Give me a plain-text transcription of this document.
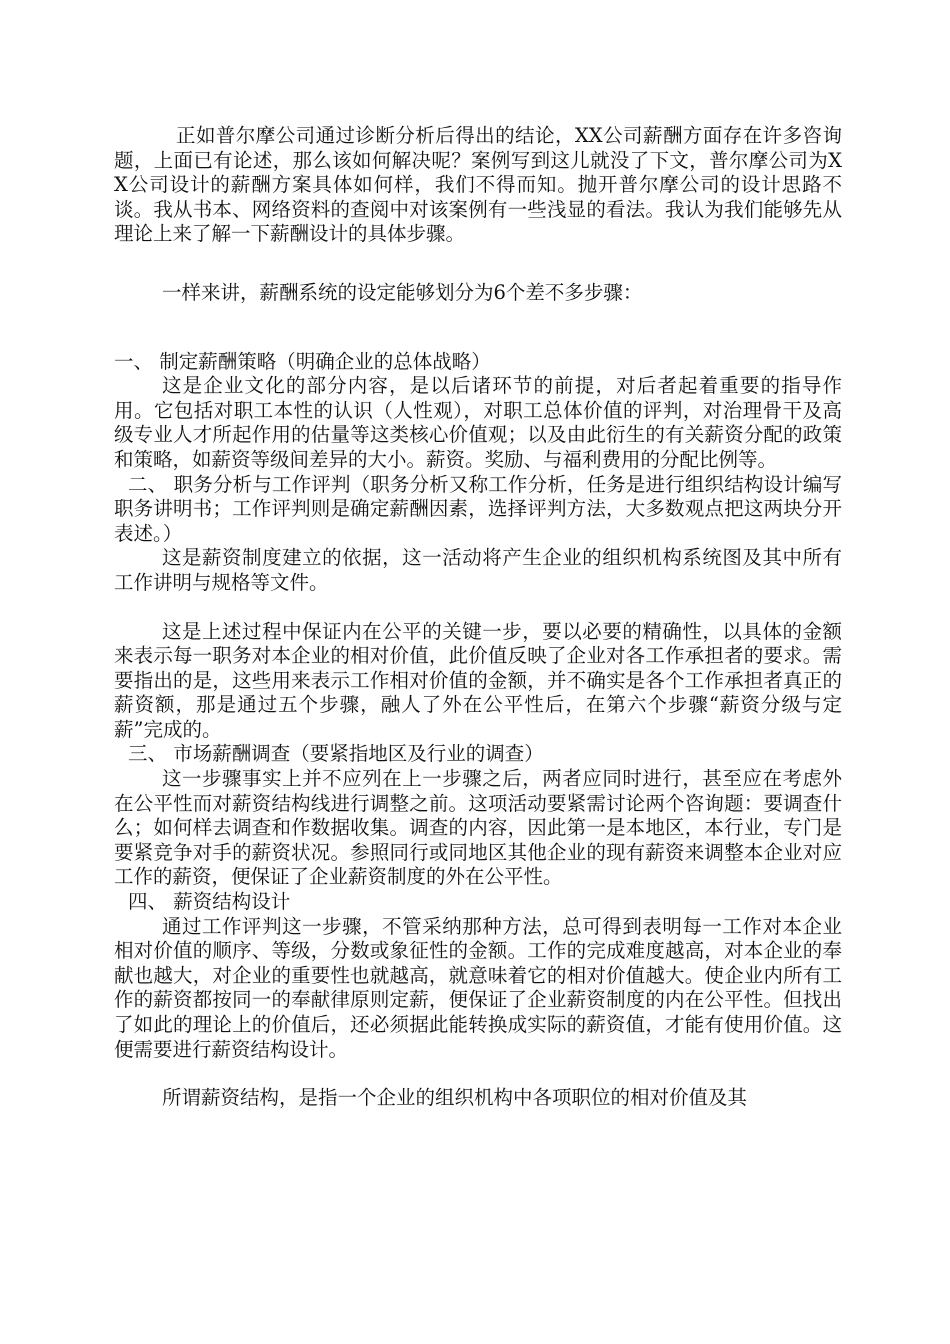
正如普尔摩公司通过诊断分析后得出的结论，XX公司薪酬方面存在许多咨询题，上面已有论述，那么该如何解决呢？案例写到这儿就没了下文，普尔摩公司为XX公司设计的薪酬方案具体如何样，我们不得而知。抛开普尔摩公司的设计思路不谈。我从书本、网络资料的查阅中对该案例有一些浅显的看法。我认为我们能够先从理论上来了解一下薪酬设计的具体步骤。

一样来讲，薪酬系统的设定能够划分为6个差不多步骤：

一、 制定薪酬策略（明确企业的总体战略）

这是企业文化的部分内容，是以后诸环节的前提，对后者起着重要的指导作用。它包括对职工本性的认识（人性观），对职工总体价值的评判，对治理骨干及高级专业人才所起作用的估量等这类核心价值观；以及由此衍生的有关薪资分配的政策和策略，如薪资等级间差异的大小。薪资。奖励、与福利费用的分配比例等。

二、 职务分析与工作评判（职务分析又称工作分析，任务是进行组织结构设计编写职务讲明书；工作评判则是确定薪酬因素，选择评判方法，大多数观点把这两块分开表述。）

这是薪资制度建立的依据，这一活动将产生企业的组织机构系统图及其中所有工作讲明与规格等文件。

这是上述过程中保证内在公平的关键一步，要以必要的精确性，以具体的金额来表示每一职务对本企业的相对价值，此价值反映了企业对各工作承担者的要求。需要指出的是，这些用来表示工作相对价值的金额，并不确实是各个工作承担者真正的薪资额，那是通过五个步骤，融人了外在公平性后，在第六个步骤“薪资分级与定薪”完成的。

三、 市场薪酬调查（要紧指地区及行业的调查）

这一步骤事实上并不应列在上一步骤之后，两者应同时进行，甚至应在考虑外在公平性而对薪资结构线进行调整之前。这项活动要紧需讨论两个咨询题：要调查什么；如何样去调查和作数据收集。调查的内容，因此第一是本地区，本行业，专门是要紧竞争对手的薪资状况。参照同行或同地区其他企业的现有薪资来调整本企业对应工作的薪资，便保证了企业薪资制度的外在公平性。

四、 薪资结构设计

通过工作评判这一步骤，不管采纳那种方法，总可得到表明每一工作对本企业相对价值的顺序、等级，分数或象征性的金额。工作的完成难度越高，对本企业的奉献也越大，对企业的重要性也就越高，就意味着它的相对价值越大。使企业内所有工作的薪资都按同一的奉献律原则定薪，便保证了企业薪资制度的内在公平性。但找出了如此的理论上的价值后，还必须据此能转换成实际的薪资值，才能有使用价值。这便需要进行薪资结构设计。

所谓薪资结构，是指一个企业的组织机构中各项职位的相对价值及其
